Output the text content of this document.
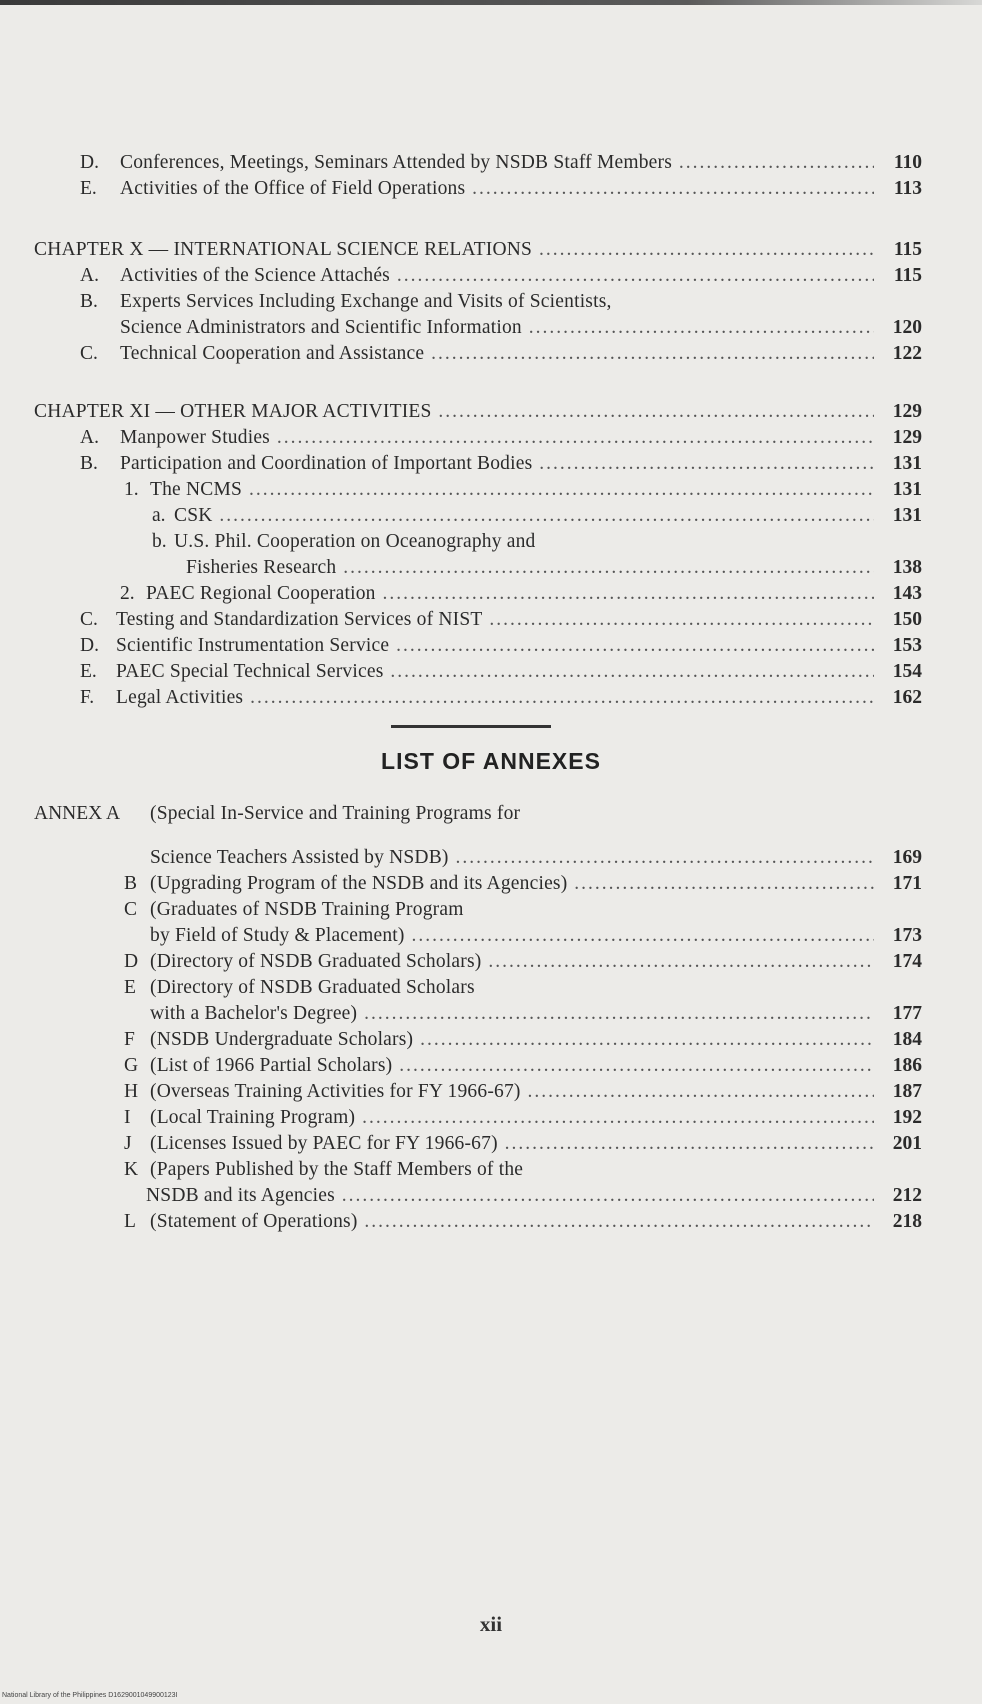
D. Conferences, Meetings, Seminars Attended by NSDB Staff Members .....	110
E. Activities of the Office of Field Operations .....	113
CHAPTER X — INTERNATIONAL SCIENCE RELATIONS .....	115
A. Activities of the Science Attachés .....	115
B. Experts Services Including Exchange and Visits of Scientists,
Science Administrators and Scientific Information .....	120
C. Technical Cooperation and Assistance .....	122
CHAPTER XI — OTHER MAJOR ACTIVITIES .....	129
A. Manpower Studies .....	129
B. Participation and Coordination of Important Bodies .....	131
1. The NCMS .....	131
a. CSK .....	131
b. U.S. Phil. Cooperation on Oceanography and
Fisheries Research .....	138
2. PAEC Regional Cooperation .....	143
C. Testing and Standardization Services of NIST .....	150
D. Scientific Instrumentation Service .....	153
E. PAEC Special Technical Services .....	154
F. Legal Activities .....	162
LIST OF ANNEXES
ANNEX A (Special In-Service and Training Programs for
Science Teachers Assisted by NSDB) .....	169
B (Upgrading Program of the NSDB and its Agencies) .....	171
C (Graduates of NSDB Training Program
by Field of Study & Placement) .....	173
D (Directory of NSDB Graduated Scholars) .....	174
E (Directory of NSDB Graduated Scholars
with a Bachelor's Degree) .....	177
F (NSDB Undergraduate Scholars) .....	184
G (List of 1966 Partial Scholars) .....	186
H (Overseas Training Activities for FY 1966-67) .....	187
I (Local Training Program) .....	192
J (Licenses Issued by PAEC for FY 1966-67) .....	201
K (Papers Published by the Staff Members of the
NSDB and its Agencies .....	212
L (Statement of Operations) .....	218
xii
National Library of the Philippines D1629001049900123I
